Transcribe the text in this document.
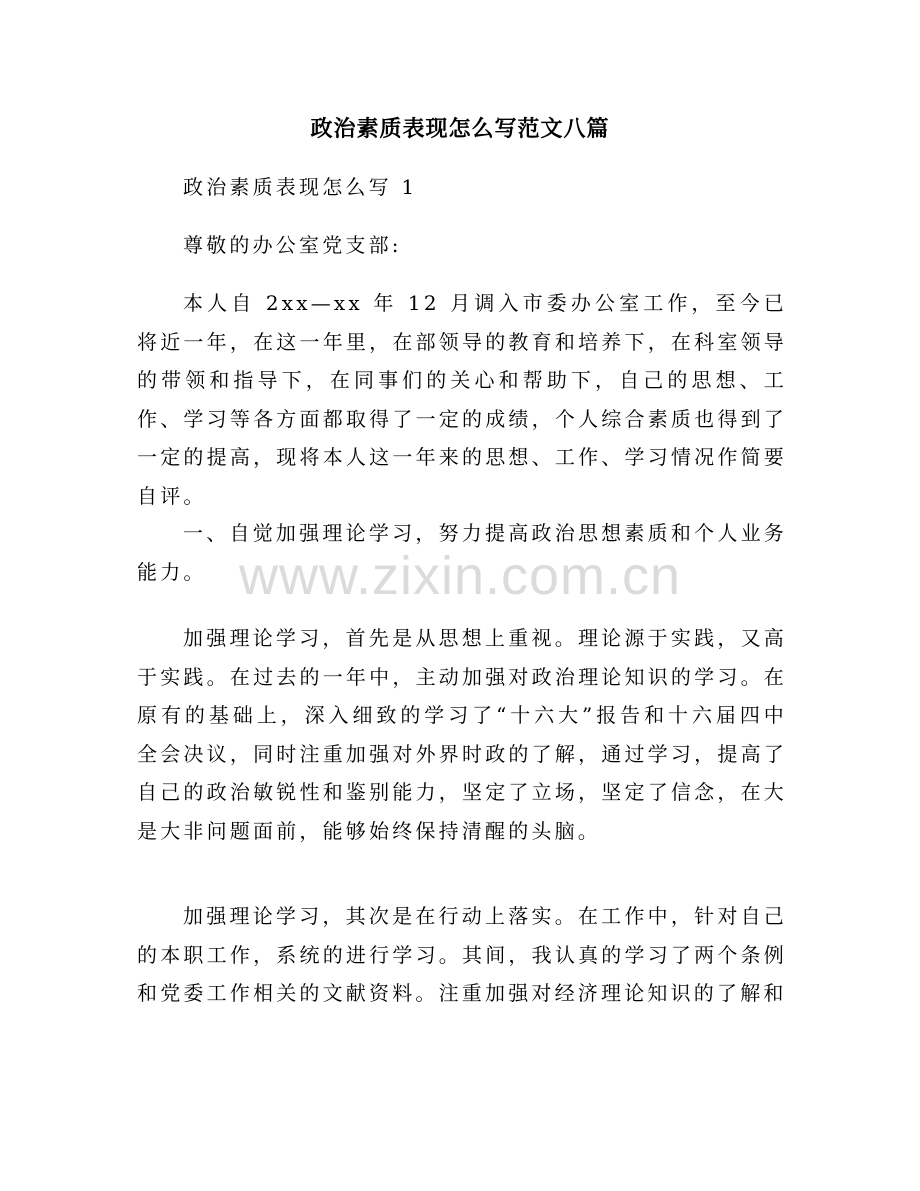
政治素质表现怎么写范文八篇
政治素质表现怎么写 1
尊敬的办公室党支部:
本人自 2xx—xx 年 12 月调入市委办公室工作，至今已将近一年，在这一年里，在部领导的教育和培养下，在科室领导的带领和指导下，在同事们的关心和帮助下，自己的思想、工作、学习等各方面都取得了一定的成绩，个人综合素质也得到了一定的提高，现将本人这一年来的思想、工作、学习情况作简要自评。
一、自觉加强理论学习，努力提高政治思想素质和个人业务能力。
加强理论学习，首先是从思想上重视。理论源于实践，又高于实践。在过去的一年中，主动加强对政治理论知识的学习。在原有的基础上，深入细致的学习了“十六大”报告和十六届四中全会决议，同时注重加强对外界时政的了解，通过学习，提高了自己的政治敏锐性和鉴别能力，坚定了立场，坚定了信念，在大是大非问题面前，能够始终保持清醒的头脑。
加强理论学习，其次是在行动上落实。在工作中，针对自己的本职工作，系统的进行学习。其间，我认真的学习了两个条例和党委工作相关的文献资料。注重加强对经济理论知识的了解和
www.zixin.com.cn
